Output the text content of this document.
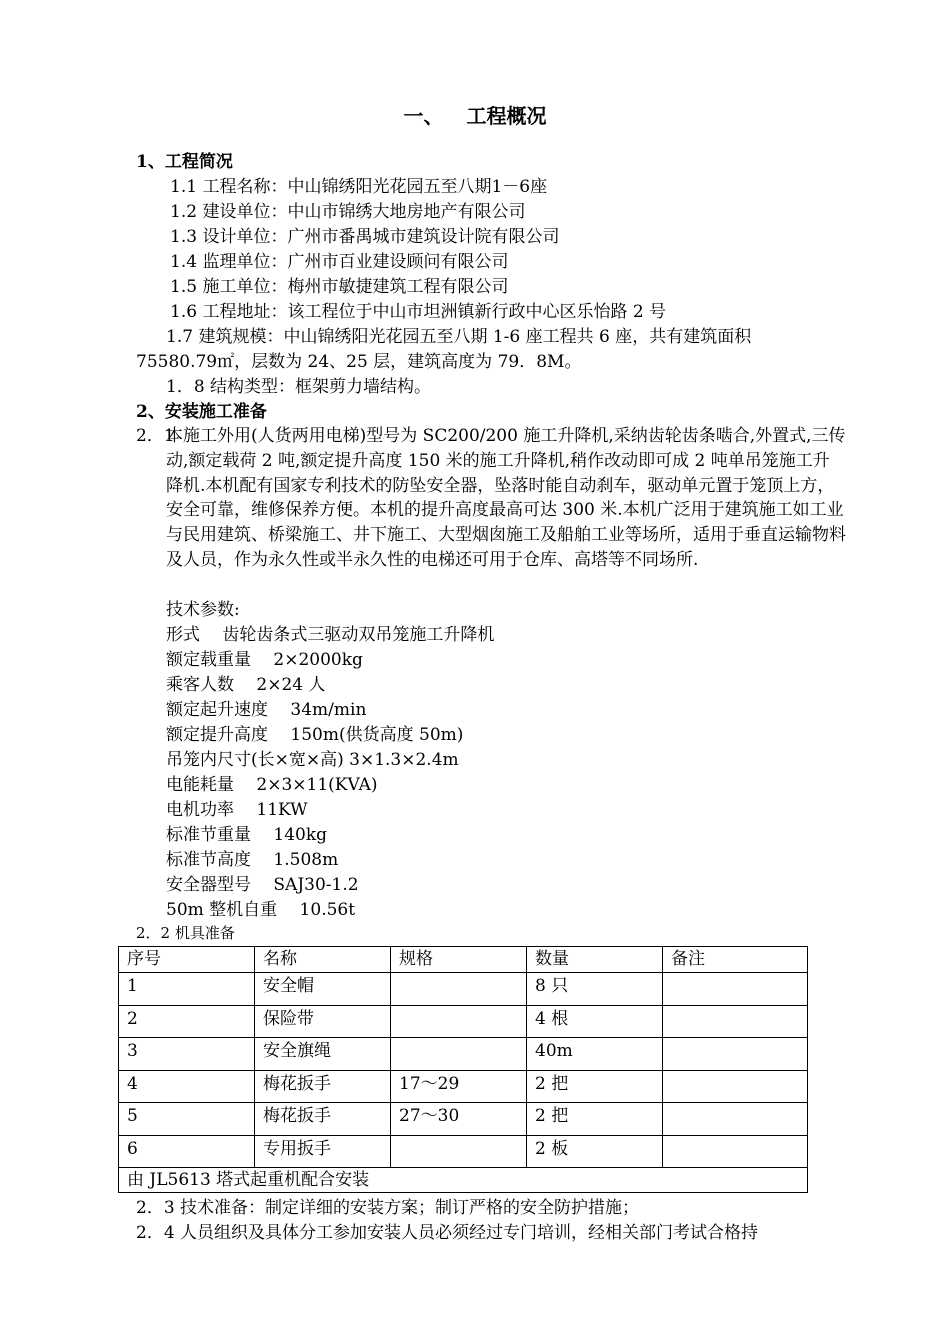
一、 工程概况
1、工程简况
1.1 工程名称：中山锦绣阳光花园五至八期1－6座
1.2 建设单位：中山市锦绣大地房地产有限公司
1.3 设计单位：广州市番禺城市建筑设计院有限公司
1.4 监理单位：广州市百业建设顾问有限公司
1.5 施工单位：梅州市敏捷建筑工程有限公司
1.6 工程地址：该工程位于中山市坦洲镇新行政中心区乐怡路 2 号
1.7 建筑规模：中山锦绣阳光花园五至八期 1-6 座工程共 6 座，共有建筑面积
75580.79㎡，层数为 24、25 层，建筑高度为 79．8M。
1．8 结构类型：框架剪力墙结构。
2、安装施工准备
2．1
本施工外用(人货两用电梯)型号为 SC200/200 施工升降机,采纳齿轮齿条啮合,外置式,三传动,额定载荷 2 吨,额定提升高度 150 米的施工升降机,稍作改动即可成 2 吨单吊笼施工升降机.本机配有国家专利技术的防坠安全器，坠落时能自动刹车，驱动单元置于笼顶上方，安全可靠，维修保养方便。本机的提升高度最高可达 300 米.本机广泛用于建筑施工如工业与民用建筑、桥梁施工、井下施工、大型烟囱施工及船舶工业等场所，适用于垂直运输物料及人员，作为永久性或半永久性的电梯还可用于仓库、高塔等不同场所.
技术参数:
形式　 齿轮齿条式三驱动双吊笼施工升降机
额定载重量　 2×2000kg
乘客人数　 2×24 人
额定起升速度　 34m/min
额定提升高度　 150m(供货高度 50m)
吊笼内尺寸(长×宽×高) 3×1.3×2.4m
电能耗量　 2×3×11(KVA)
电机功率　 11KW
标准节重量　 140kg
标准节高度　 1.508m
安全器型号　 SAJ30-1.2
50m 整机自重　 10.56t
2．2 机具准备
序号	名称	规格	数量	备注
1	安全帽		8 只	
2	保险带		4 根	
3	安全旗绳		40m	
4	梅花扳手	17～29	2 把	
5	梅花扳手	27～30	2 把	
6	专用扳手		2 板	
由 JL5613 塔式起重机配合安装				
2．3 技术准备：制定详细的安装方案；制订严格的安全防护措施；
2．4 人员组织及具体分工参加安装人员必须经过专门培训，经相关部门考试合格持
